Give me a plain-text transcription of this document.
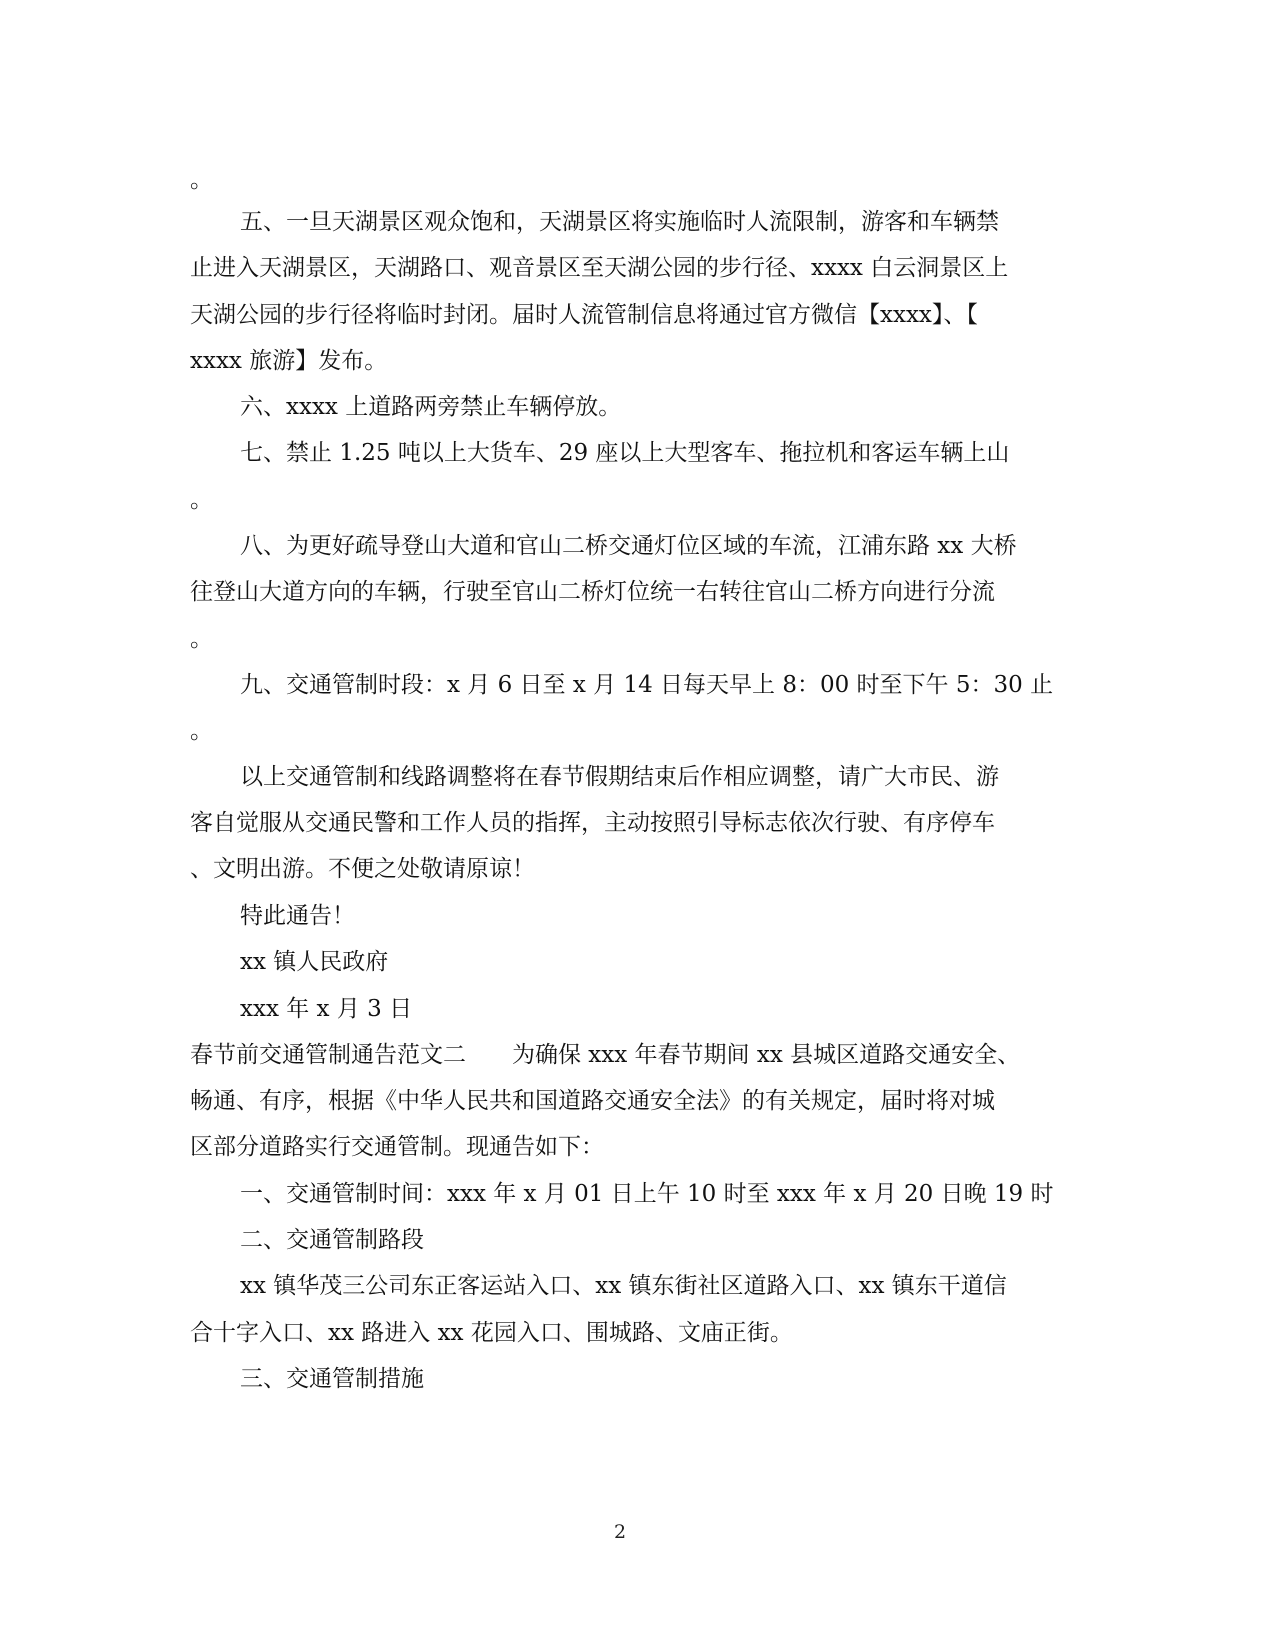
。
五、一旦天湖景区观众饱和，天湖景区将实施临时人流限制，游客和车辆禁
止进入天湖景区，天湖路口、观音景区至天湖公园的步行径、xxxx 白云洞景区上
天湖公园的步行径将临时封闭。届时人流管制信息将通过官方微信【xxxx】、【
xxxx 旅游】发布。
六、xxxx 上道路两旁禁止车辆停放。
七、禁止 1.25 吨以上大货车、29 座以上大型客车、拖拉机和客运车辆上山
。
八、为更好疏导登山大道和官山二桥交通灯位区域的车流，江浦东路 xx 大桥
往登山大道方向的车辆，行驶至官山二桥灯位统一右转往官山二桥方向进行分流
。
九、交通管制时段：x 月 6 日至 x 月 14 日每天早上 8：00 时至下午 5：30 止
。
以上交通管制和线路调整将在春节假期结束后作相应调整，请广大市民、游
客自觉服从交通民警和工作人员的指挥，主动按照引导标志依次行驶、有序停车
、文明出游。不便之处敬请原谅！
特此通告！
xx 镇人民政府
xxx 年 x 月 3 日
春节前交通管制通告范文二　　为确保 xxx 年春节期间 xx 县城区道路交通安全、
畅通、有序，根据《中华人民共和国道路交通安全法》的有关规定，届时将对城
区部分道路实行交通管制。现通告如下：
一、交通管制时间：xxx 年 x 月 01 日上午 10 时至 xxx 年 x 月 20 日晚 19 时
二、交通管制路段
xx 镇华茂三公司东正客运站入口、xx 镇东街社区道路入口、xx 镇东干道信
合十字入口、xx 路进入 xx 花园入口、围城路、文庙正街。
三、交通管制措施
2
